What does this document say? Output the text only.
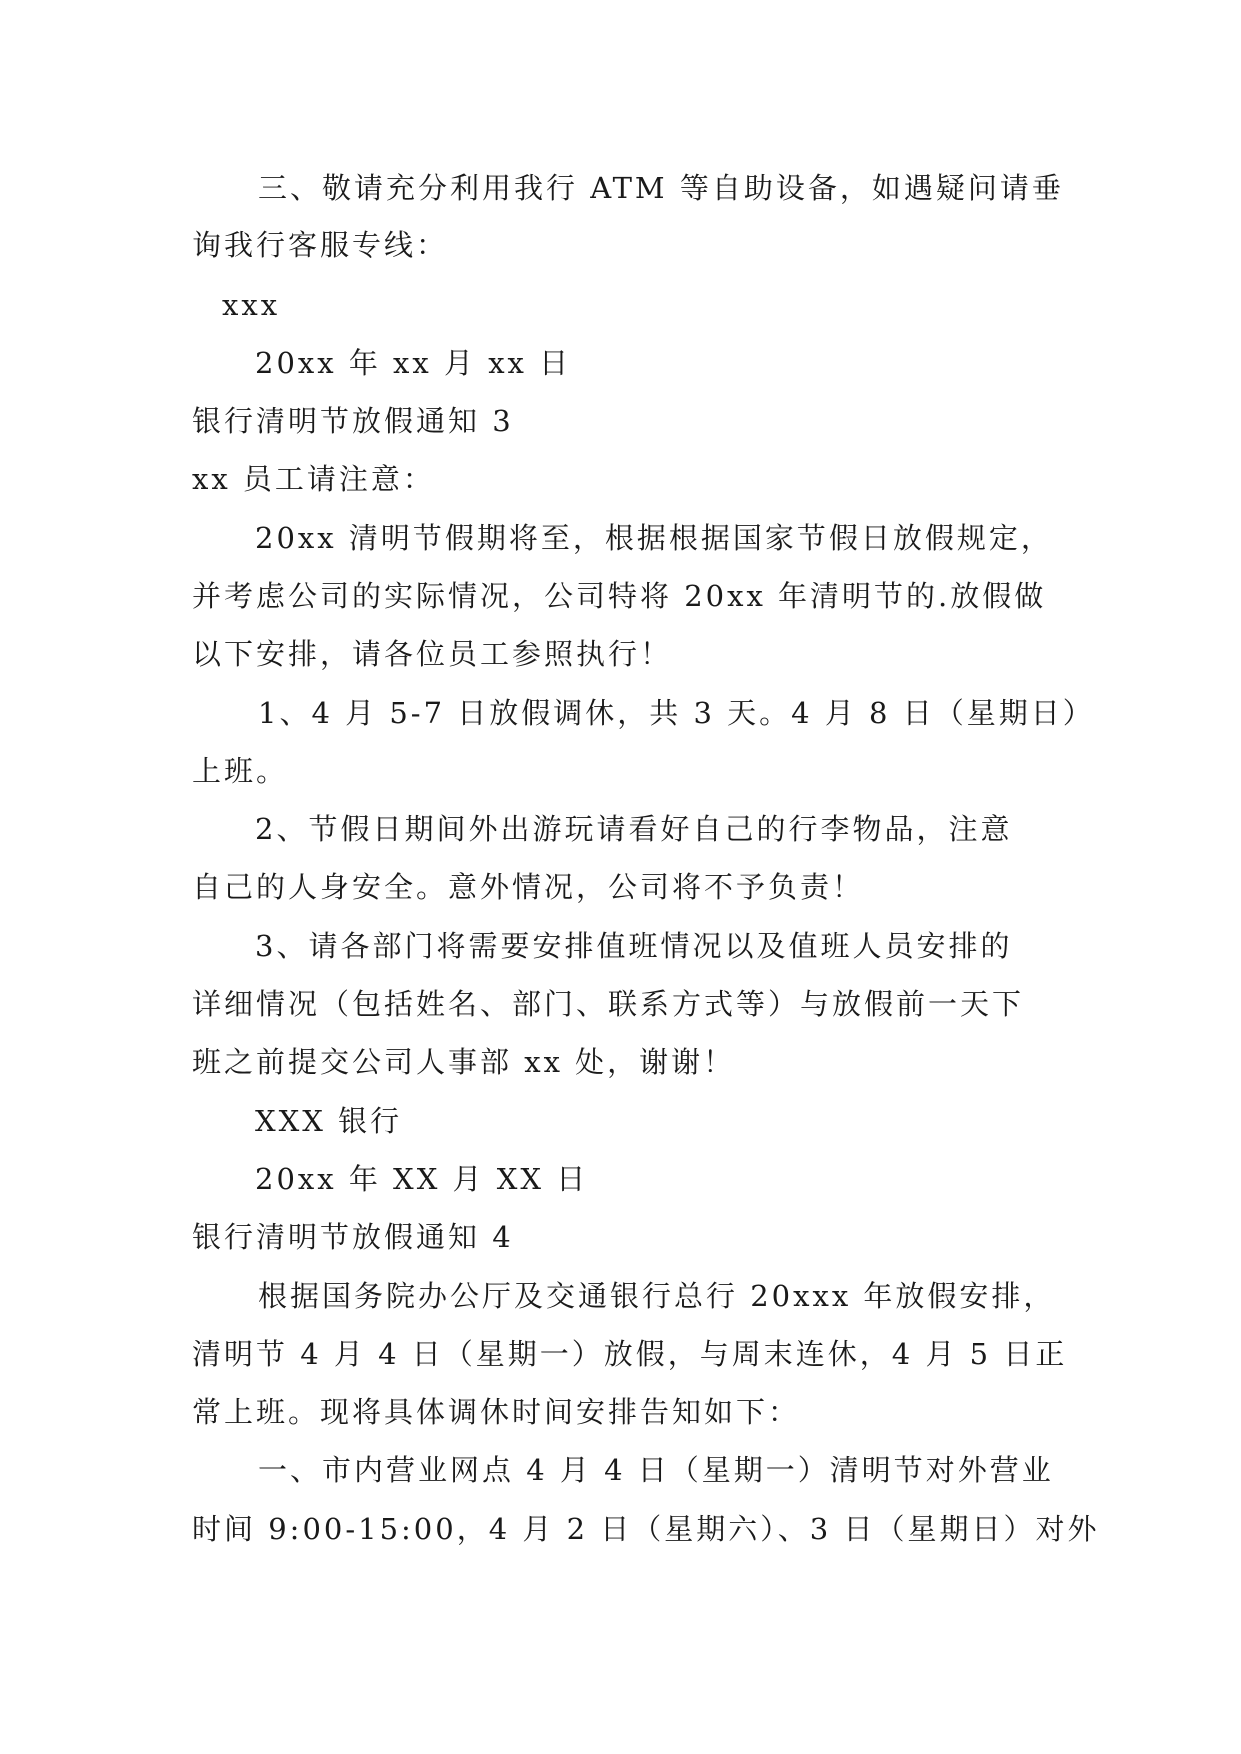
三、敬请充分利用我行 ATM 等自助设备，如遇疑问请垂
询我行客服专线：
xxx
20xx 年 xx 月 xx 日
银行清明节放假通知 3
xx 员工请注意：
20xx 清明节假期将至，根据根据国家节假日放假规定，
并考虑公司的实际情况，公司特将 20xx 年清明节的.放假做
以下安排，请各位员工参照执行！
1、4 月 5-7 日放假调休，共 3 天。4 月 8 日（星期日）
上班。
2、节假日期间外出游玩请看好自己的行李物品，注意
自己的人身安全。意外情况，公司将不予负责！
3、请各部门将需要安排值班情况以及值班人员安排的
详细情况（包括姓名、部门、联系方式等）与放假前一天下
班之前提交公司人事部 xx 处，谢谢！
XXX 银行
20xx 年 XX 月 XX 日
银行清明节放假通知 4
根据国务院办公厅及交通银行总行 20xxx 年放假安排，
清明节 4 月 4 日（星期一）放假，与周末连休，4 月 5 日正
常上班。现将具体调休时间安排告知如下：
一、市内营业网点 4 月 4 日（星期一）清明节对外营业
时间 9:00-15:00，4 月 2 日（星期六）、3 日（星期日）对外
